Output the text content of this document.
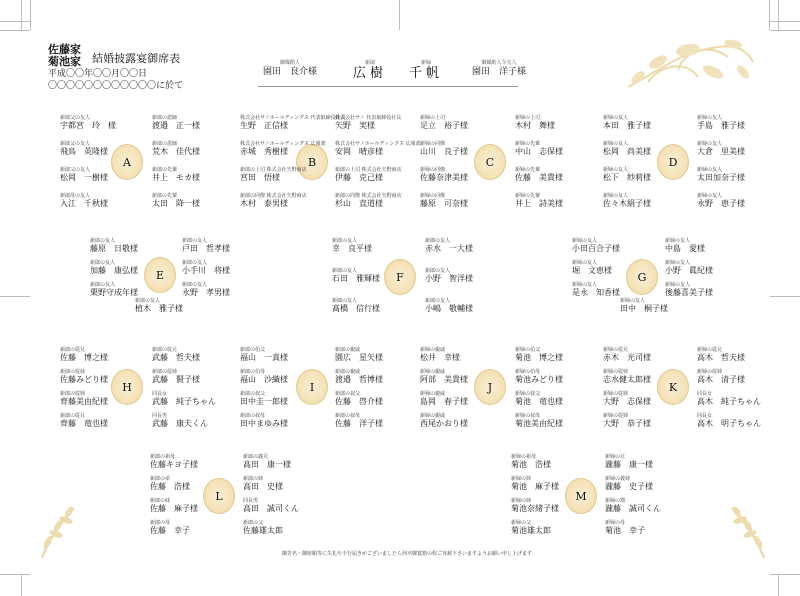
佐藤家
菊池家 結婚披露宴御席表
平成〇〇年〇〇月〇〇日
〇〇〇〇〇〇〇〇〇〇〇〇に於て
御媒酌人
園田　良介様
新郎
広樹
新婦
千帆
御媒酌人令夫人
園田　洋子様
A
新郎父の友人
宇都宮　玲　様
新郎父の友人
飛鳥　英隆様
新郎父の友人
松岡　一樹様
新郎母の友人
入江　千秋様
新郎の恩師
渡邉　正一様
新郎の恩師
荒木　佳代様
新郎の先輩
井上　モカ様
新郎の先輩
太田　降一様
B
株式会社サノホールディングス 代表取締役社長
生野　正信様
株式会社サノホールディングス 広報部
赤城　秀樹様
新郎の上司 株式会社矢野商店
宮田　悟様
新郎の同僚 株式会社矢野商店
木村　泰男様
株式会社サノ 代表取締役社長
矢野　実様
株式会社サノホールディングス 広報部
安岡　晴彦様
新郎の上司 株式会社矢野商店
伊藤　克己様
新郎の同僚 株式会社矢野商店
杉山　直道様
C
新婦の上司
足立　裕子様
新婦の同僚
山川　良子様
新婦の同僚
佐藤奈津美様
新婦の同僚
藤原　可奈様
新婦の上司
木村　舞様
新婦の先輩
中山　志保様
新婦の先輩
佐藤　美貴様
新婦の先輩
井上　詩美様
D
新婦の友人
本田　雅子様
新婦の友人
松岡　尚美様
新婦の友人
松下　紗莉様
新婦の友人
佐々木絹子様
新婦の友人
手島　雅子様
新婦の友人
大倉　里美様
新婦の友人
太田加奈子様
新婦の友人
永野　恵子様
E
新郎の友人
藤原　日敬様
新郎の友人
加藤　康弘様
新郎の友人
栗野守成年様
新郎の友人
戸田　哲孝様
新郎の友人
小手川　将様
新郎の友人
永野　孝男様
新郎の友人
植木　雅子様
F
新郎の友人
幸　良平様
新郎の友人
石田　雅輝様
新郎の友人
髙橋　信行様
新郎の友人
赤水　一大様
新郎の友人
小野　智洋様
新郎の友人
小嶋　敬輔様
G
新婦の友人
小田百合子様
新婦の友人
堀　文恵様
新婦の友人
是永　知香様
新婦の友人
中島　愛様
新婦の友人
小野　眞紀様
新婦の友人
後藤喜美子様
新婦の友人
田中　桐子様
H
新郎の従兄
佐藤　博之様
新郎の従妹
佐藤みどり様
新郎の従姉
齊藤美由紀様
新郎の従兄
齊藤　竜也様
新郎の従兄
武藤　哲夫様
新郎の従姉
武藤　賢子様
同長女
武藤　純子ちゃん
同長男
武藤　康夫くん
I
新郎の伯父
福山　一真様
新郎の伯母
福山　沙織様
新郎の叔父
田中圭一郎様
新郎の叔母
田中まゆみ様
新郎の親戚
園広　星矢様
新郎の親戚
渡邉　哲博様
新郎の叔父
佐藤　啓介様
新郎の叔母
佐藤　洋子様
J
新婦の親戚
松井　幸様
新婦の親戚
阿部　美貴様
新婦の親戚
島岡　春子様
新婦の親戚
西尾かおり様
新婦の伯父
菊池　博之様
新婦の伯母
菊池みどり様
新婦の叔父
菊池　竜也様
新婦の叔母
菊池美由紀様
K
新婦の従兄
赤木　光司様
新婦の従姉
志水健太郎様
新婦の従姉
大野　志保様
新婦の従姉
大野　恭子様
新婦の従兄
高木　哲夫様
新婦の従姉
高木　清子様
同長女
高木　純子ちゃん
同長女
高木　明子ちゃん
L
新郎の祖母
佐藤キヨ子様
新郎の弟
佐藤　浩様
新郎の妹
佐藤　麻子様
新郎の母
佐藤　幸子
新郎の義兄
高田　康一様
新郎の姉
高田　史様
同長男
高田　誠司くん
新郎の父
佐藤雄太郎
M
新婦の祖母
菊池　浩様
新婦の姉
菊池　麻子様
新婦の姉
菊池奈緒子様
新婦の父
菊池雄太郎
新婦の兄
瀧藤　康一様
新婦の義姉
瀧藤　史子様
新婦の甥
瀧藤　誠司くん
新婦の母
菊池　幸子
御芳名・御席順等に失礼や不行届きがございましたら何卒御寛恕の程ご容赦下さいますようお願い申し上げます
